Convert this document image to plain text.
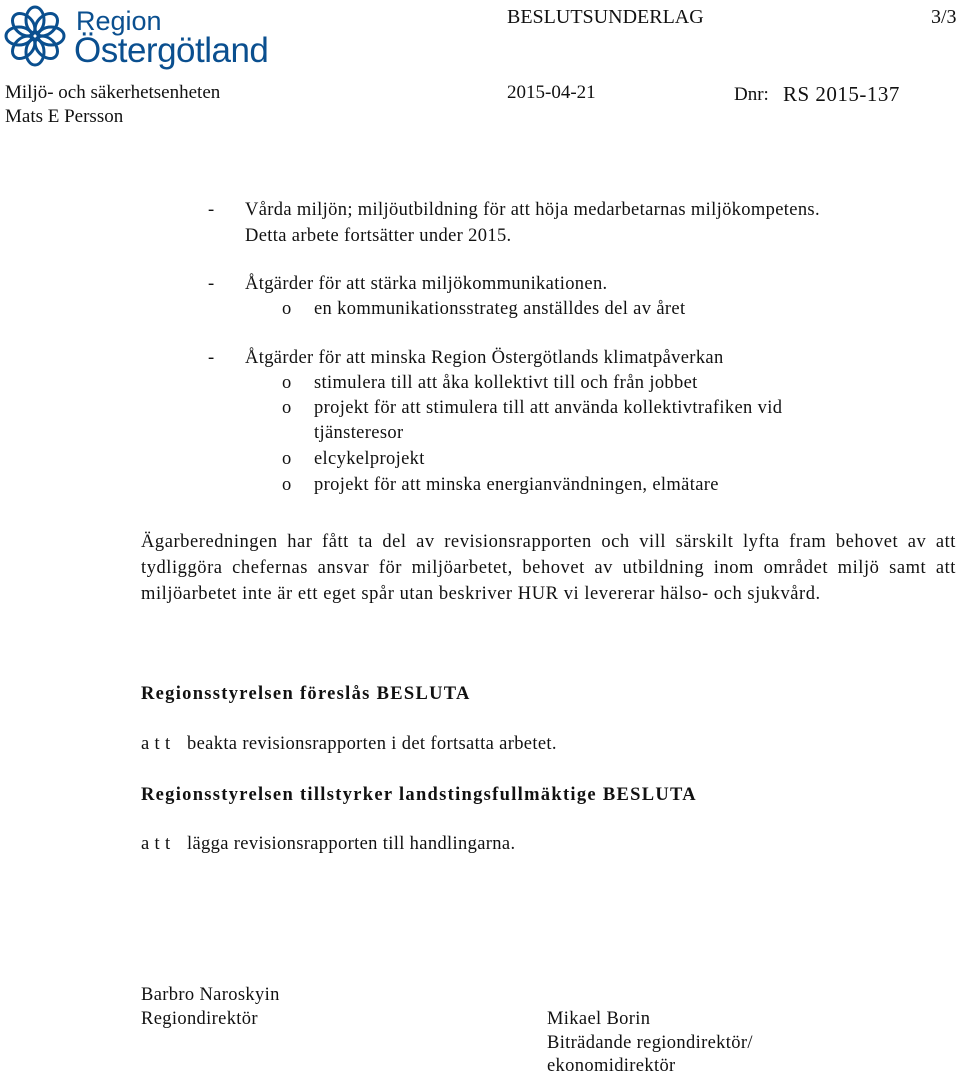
Region
Östergötland
BESLUTSUNDERLAG	3/3
Miljö- och säkerhetsenheten	2015-04-21	Dnr: RS 2015-137
Mats E Persson
- Vårda miljön; miljöutbildning för att höja medarbetarnas miljökompetens.
Detta arbete fortsätter under 2015.
- Åtgärder för att stärka miljökommunikationen.
o en kommunikationsstrateg anställdes del av året
- Åtgärder för att minska Region Östergötlands klimatpåverkan
o stimulera till att åka kollektivt till och från jobbet
o projekt för att stimulera till att använda kollektivtrafiken vid
tjänsteresor
o elcykelprojekt
o projekt för att minska energianvändningen, elmätare
Ägarberedningen har fått ta del av revisionsrapporten och vill särskilt lyfta fram behovet av att tydliggöra chefernas ansvar för miljöarbetet, behovet av utbildning inom området miljö samt att miljöarbetet inte är ett eget spår utan beskriver HUR vi levererar hälso- och sjukvård.
Regionsstyrelsen föreslås BESLUTA
a t t beakta revisionsrapporten i det fortsatta arbetet.
Regionsstyrelsen tillstyrker landstingsfullmäktige BESLUTA
a t t lägga revisionsrapporten till handlingarna.
Barbro Naroskyin
Regiondirektör	Mikael Borin
Biträdande regiondirektör/
ekonomidirektör
